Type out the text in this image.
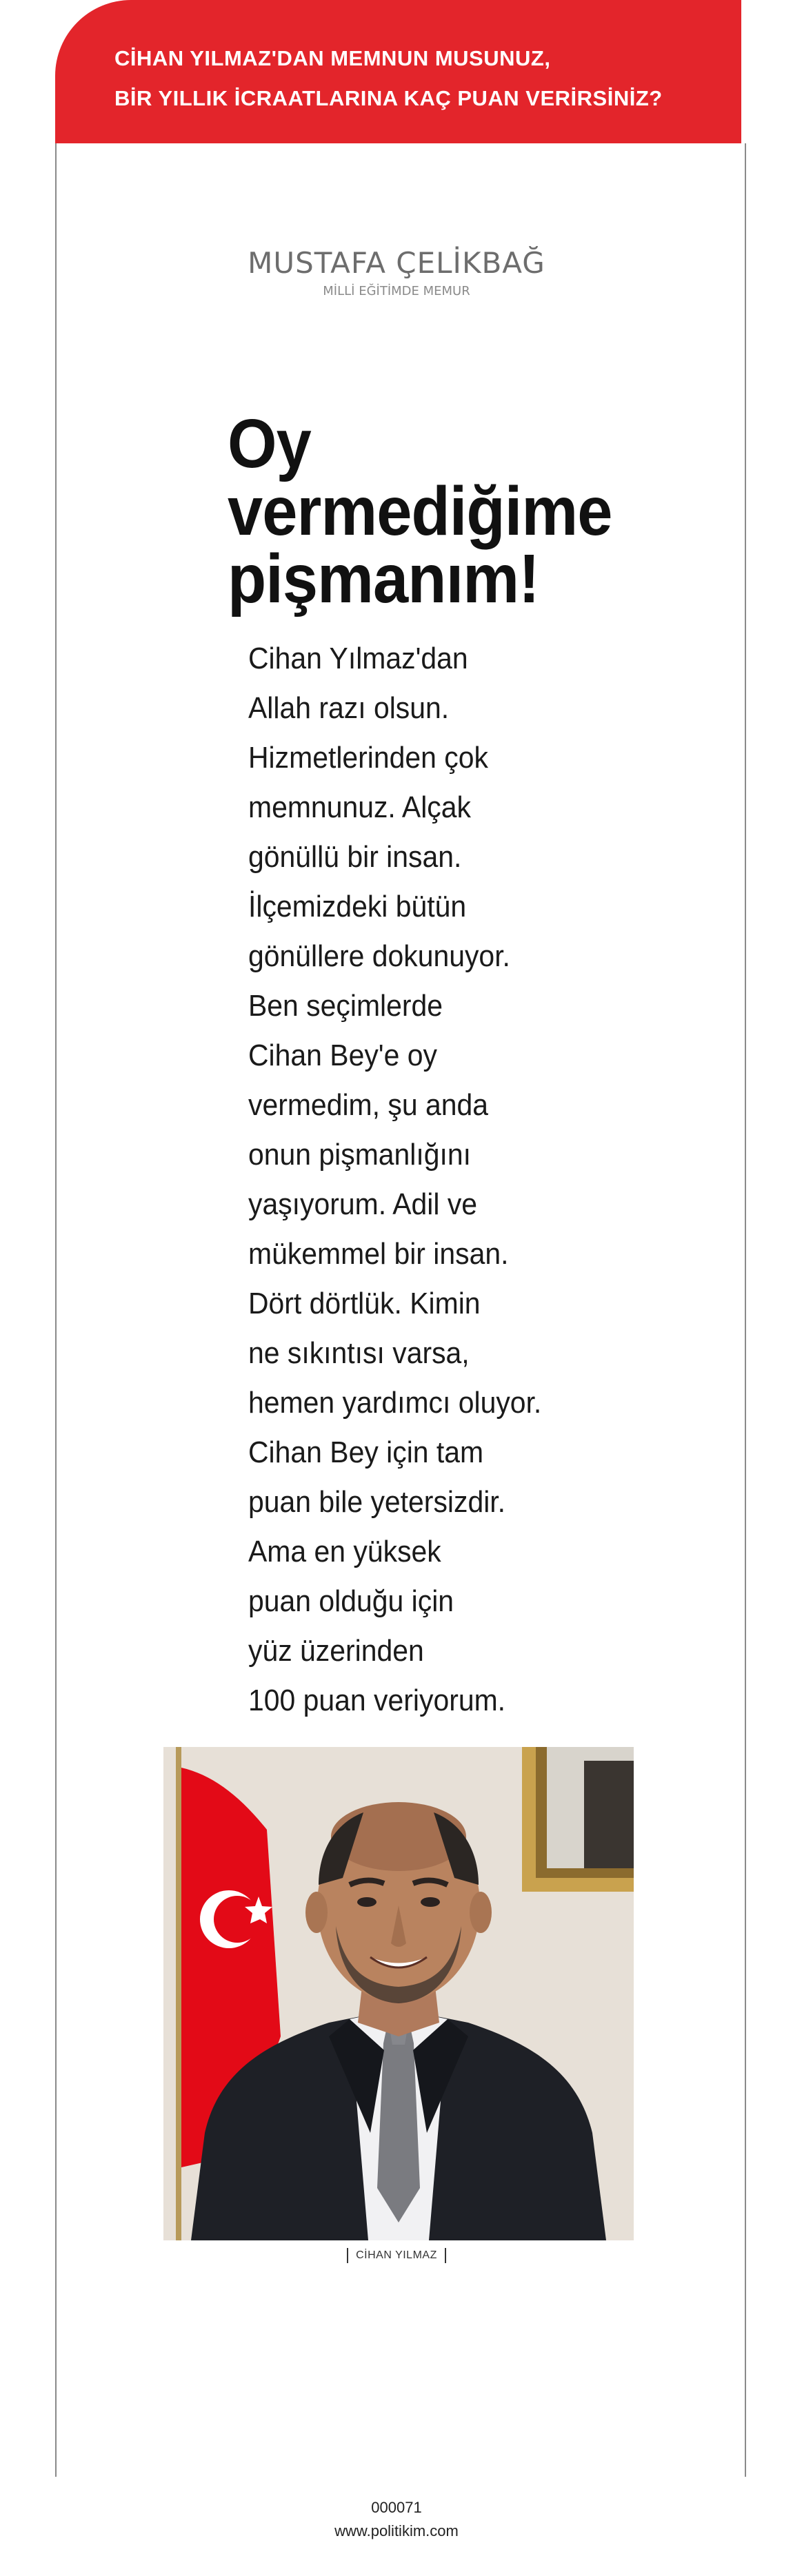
CİHAN YILMAZ'DAN MEMNUN MUSUNUZ,
BİR YILLIK İCRAATLARINA KAÇ PUAN VERİRSİNİZ?
MUSTAFA ÇELİKBAĞ
MİLLİ EĞİTİMDE MEMUR
Oy
vermediğime
pişmanım!
Cihan Yılmaz'dan
Allah razı olsun.
Hizmetlerinden çok
memnunuz. Alçak
gönüllü bir insan.
İlçemizdeki bütün
gönüllere dokunuyor.
Ben seçimlerde
Cihan Bey'e oy
vermedim, şu anda
onun pişmanlığını
yaşıyorum. Adil ve
mükemmel bir insan.
Dört dörtlük. Kimin
ne sıkıntısı varsa,
hemen yardımcı oluyor.
Cihan Bey için tam
puan bile yetersizdir.
Ama en yüksek
puan olduğu için
yüz üzerinden
100 puan veriyorum.
CİHAN YILMAZ
000071
www.politikim.com
